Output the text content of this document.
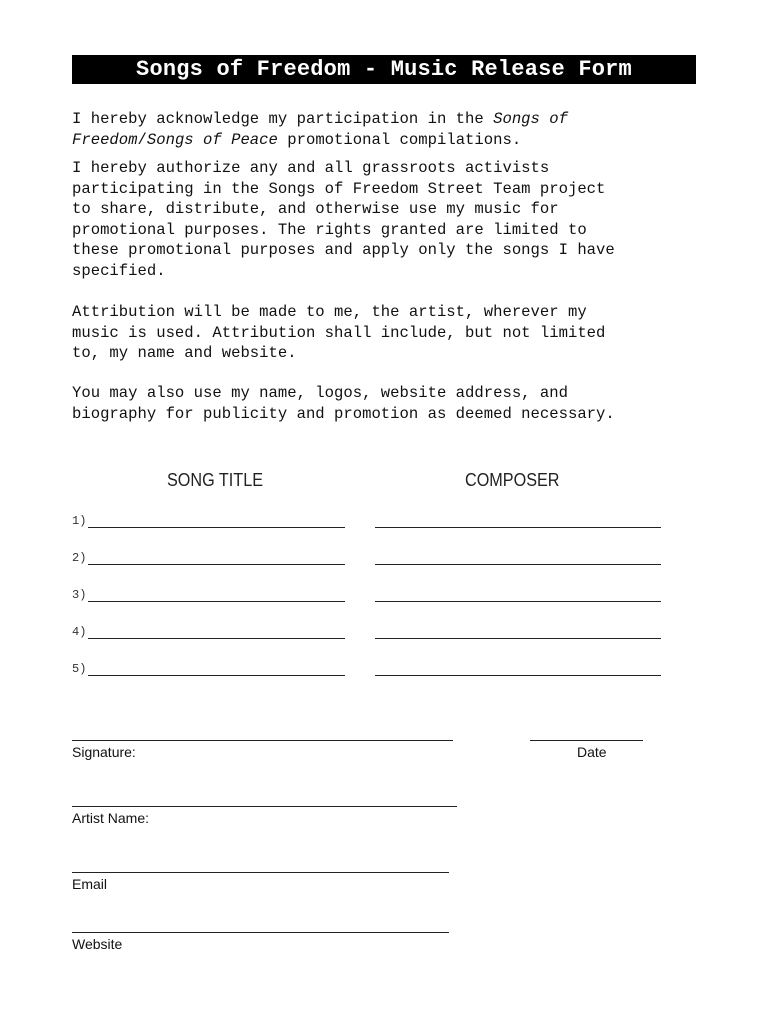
Songs of Freedom - Music Release Form

I hereby acknowledge my participation in the Songs of
Freedom/Songs of Peace promotional compilations.

I hereby authorize any and all grassroots activists
participating in the Songs of Freedom Street Team project
to share, distribute, and otherwise use my music for
promotional purposes. The rights granted are limited to
these promotional purposes and apply only the songs I have
specified.

Attribution will be made to me, the artist, wherever my
music is used. Attribution shall include, but not limited
to, my name and website.

You may also use my name, logos, website address, and
biography for publicity and promotion as deemed necessary.

SONG TITLE	COMPOSER
1)
2)
3)
4)
5)
Signature:	Date
Artist Name:
Email
Website
